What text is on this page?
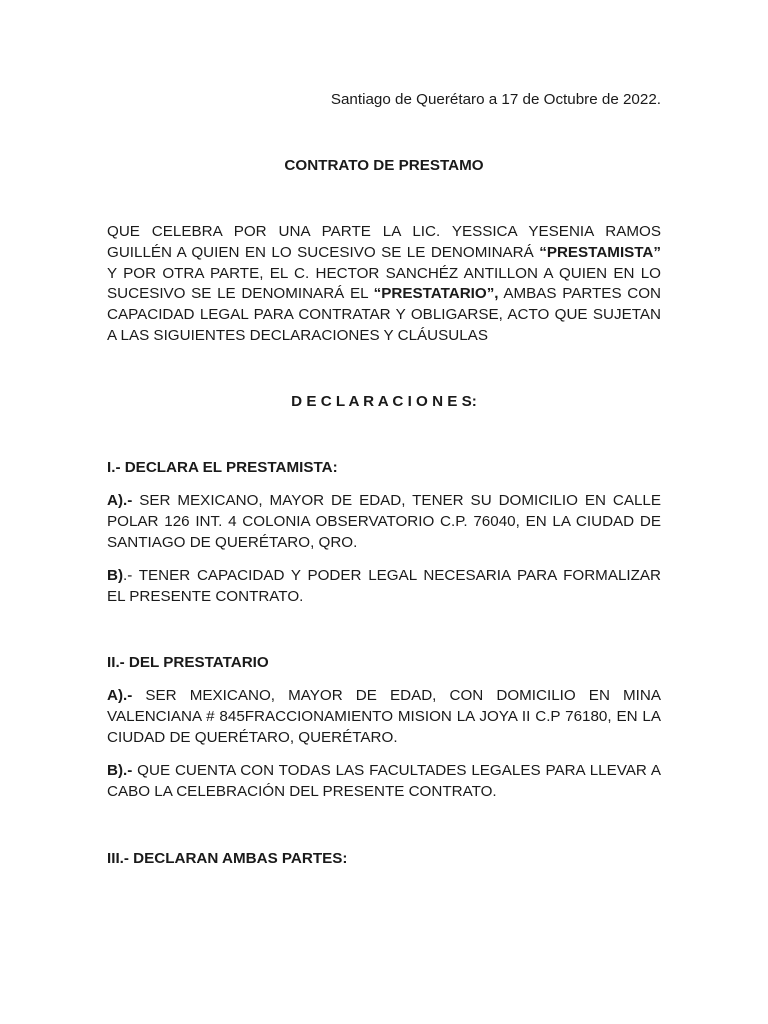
Santiago de Querétaro a 17 de Octubre de 2022.

CONTRATO DE PRESTAMO

QUE CELEBRA POR UNA PARTE LA LIC. YESSICA YESENIA RAMOS GUILLÉN A QUIEN EN LO SUCESIVO SE LE DENOMINARÁ “PRESTAMISTA” Y POR OTRA PARTE, EL C. HECTOR SANCHÉZ ANTILLON A QUIEN EN LO SUCESIVO SE LE DENOMINARÁ EL “PRESTATARIO”, AMBAS PARTES CON CAPACIDAD LEGAL PARA CONTRATAR Y OBLIGARSE, ACTO QUE SUJETAN A LAS SIGUIENTES DECLARACIONES Y CLÁUSULAS

D E C L A R A C I O N E S:

I.- DECLARA EL PRESTAMISTA:

A).- SER MEXICANO, MAYOR DE EDAD, TENER SU DOMICILIO EN CALLE POLAR 126 INT. 4 COLONIA OBSERVATORIO C.P. 76040, EN LA CIUDAD DE SANTIAGO DE QUERÉTARO, QRO.

B).- TENER CAPACIDAD Y PODER LEGAL NECESARIA PARA FORMALIZAR EL PRESENTE CONTRATO.

II.- DEL PRESTATARIO

A).- SER MEXICANO, MAYOR DE EDAD, CON DOMICILIO EN MINA VALENCIANA # 845FRACCIONAMIENTO MISION LA JOYA II C.P 76180, EN LA CIUDAD DE QUERÉTARO, QUERÉTARO.

B).- QUE CUENTA CON TODAS LAS FACULTADES LEGALES PARA LLEVAR A CABO LA CELEBRACIÓN DEL PRESENTE CONTRATO.

III.- DECLARAN AMBAS PARTES:
